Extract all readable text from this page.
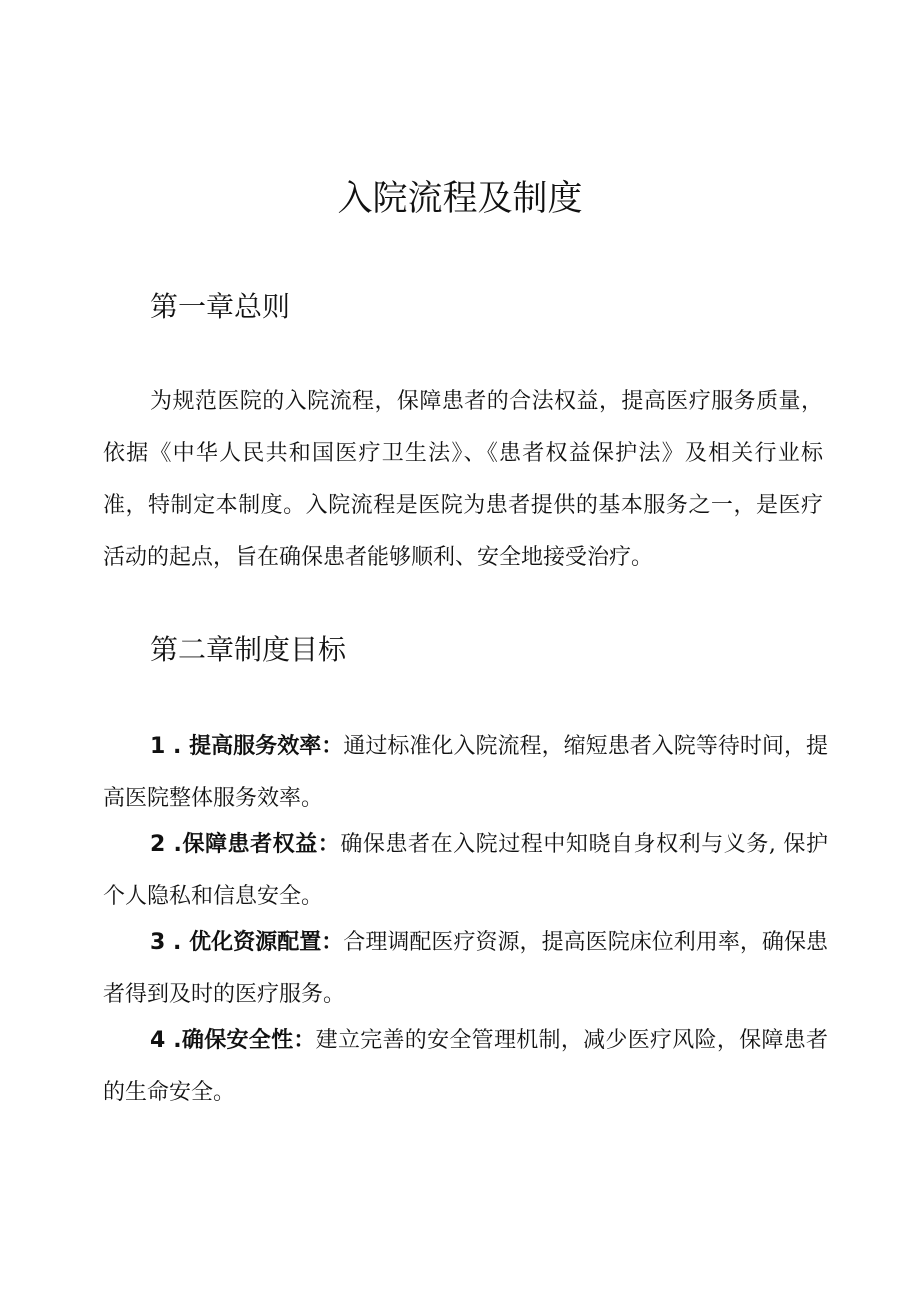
入院流程及制度
第一章总则

为规范医院的入院流程，保障患者的合法权益，提高医疗服务质量，依据《中华人民共和国医疗卫生法》、《患者权益保护法》及相关行业标准，特制定本制度。入院流程是医院为患者提供的基本服务之一，是医疗活动的起点，旨在确保患者能够顺利、安全地接受治疗。

第二章制度目标

1 . 提高服务效率：通过标准化入院流程，缩短患者入院等待时间，提高医院整体服务效率。

2 .保障患者权益：确保患者在入院过程中知晓自身权利与义务, 保护个人隐私和信息安全。

3 . 优化资源配置：合理调配医疗资源，提高医院床位利用率，确保患者得到及时的医疗服务。

4 .确保安全性：建立完善的安全管理机制，减少医疗风险，保障患者的生命安全。
